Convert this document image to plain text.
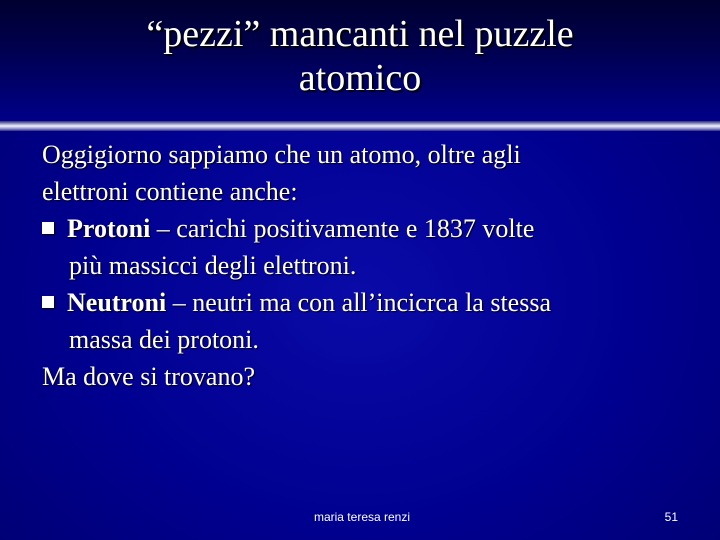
“pezzi” mancanti nel puzzle
atomico
Oggigiorno sappiamo che un atomo, oltre agli
elettroni contiene anche:
Protoni – carichi positivamente e 1837 volte
più massicci degli elettroni.
Neutroni – neutri ma con all’incicrca la stessa
massa dei protoni.
Ma dove si trovano?
maria teresa renzi	51
